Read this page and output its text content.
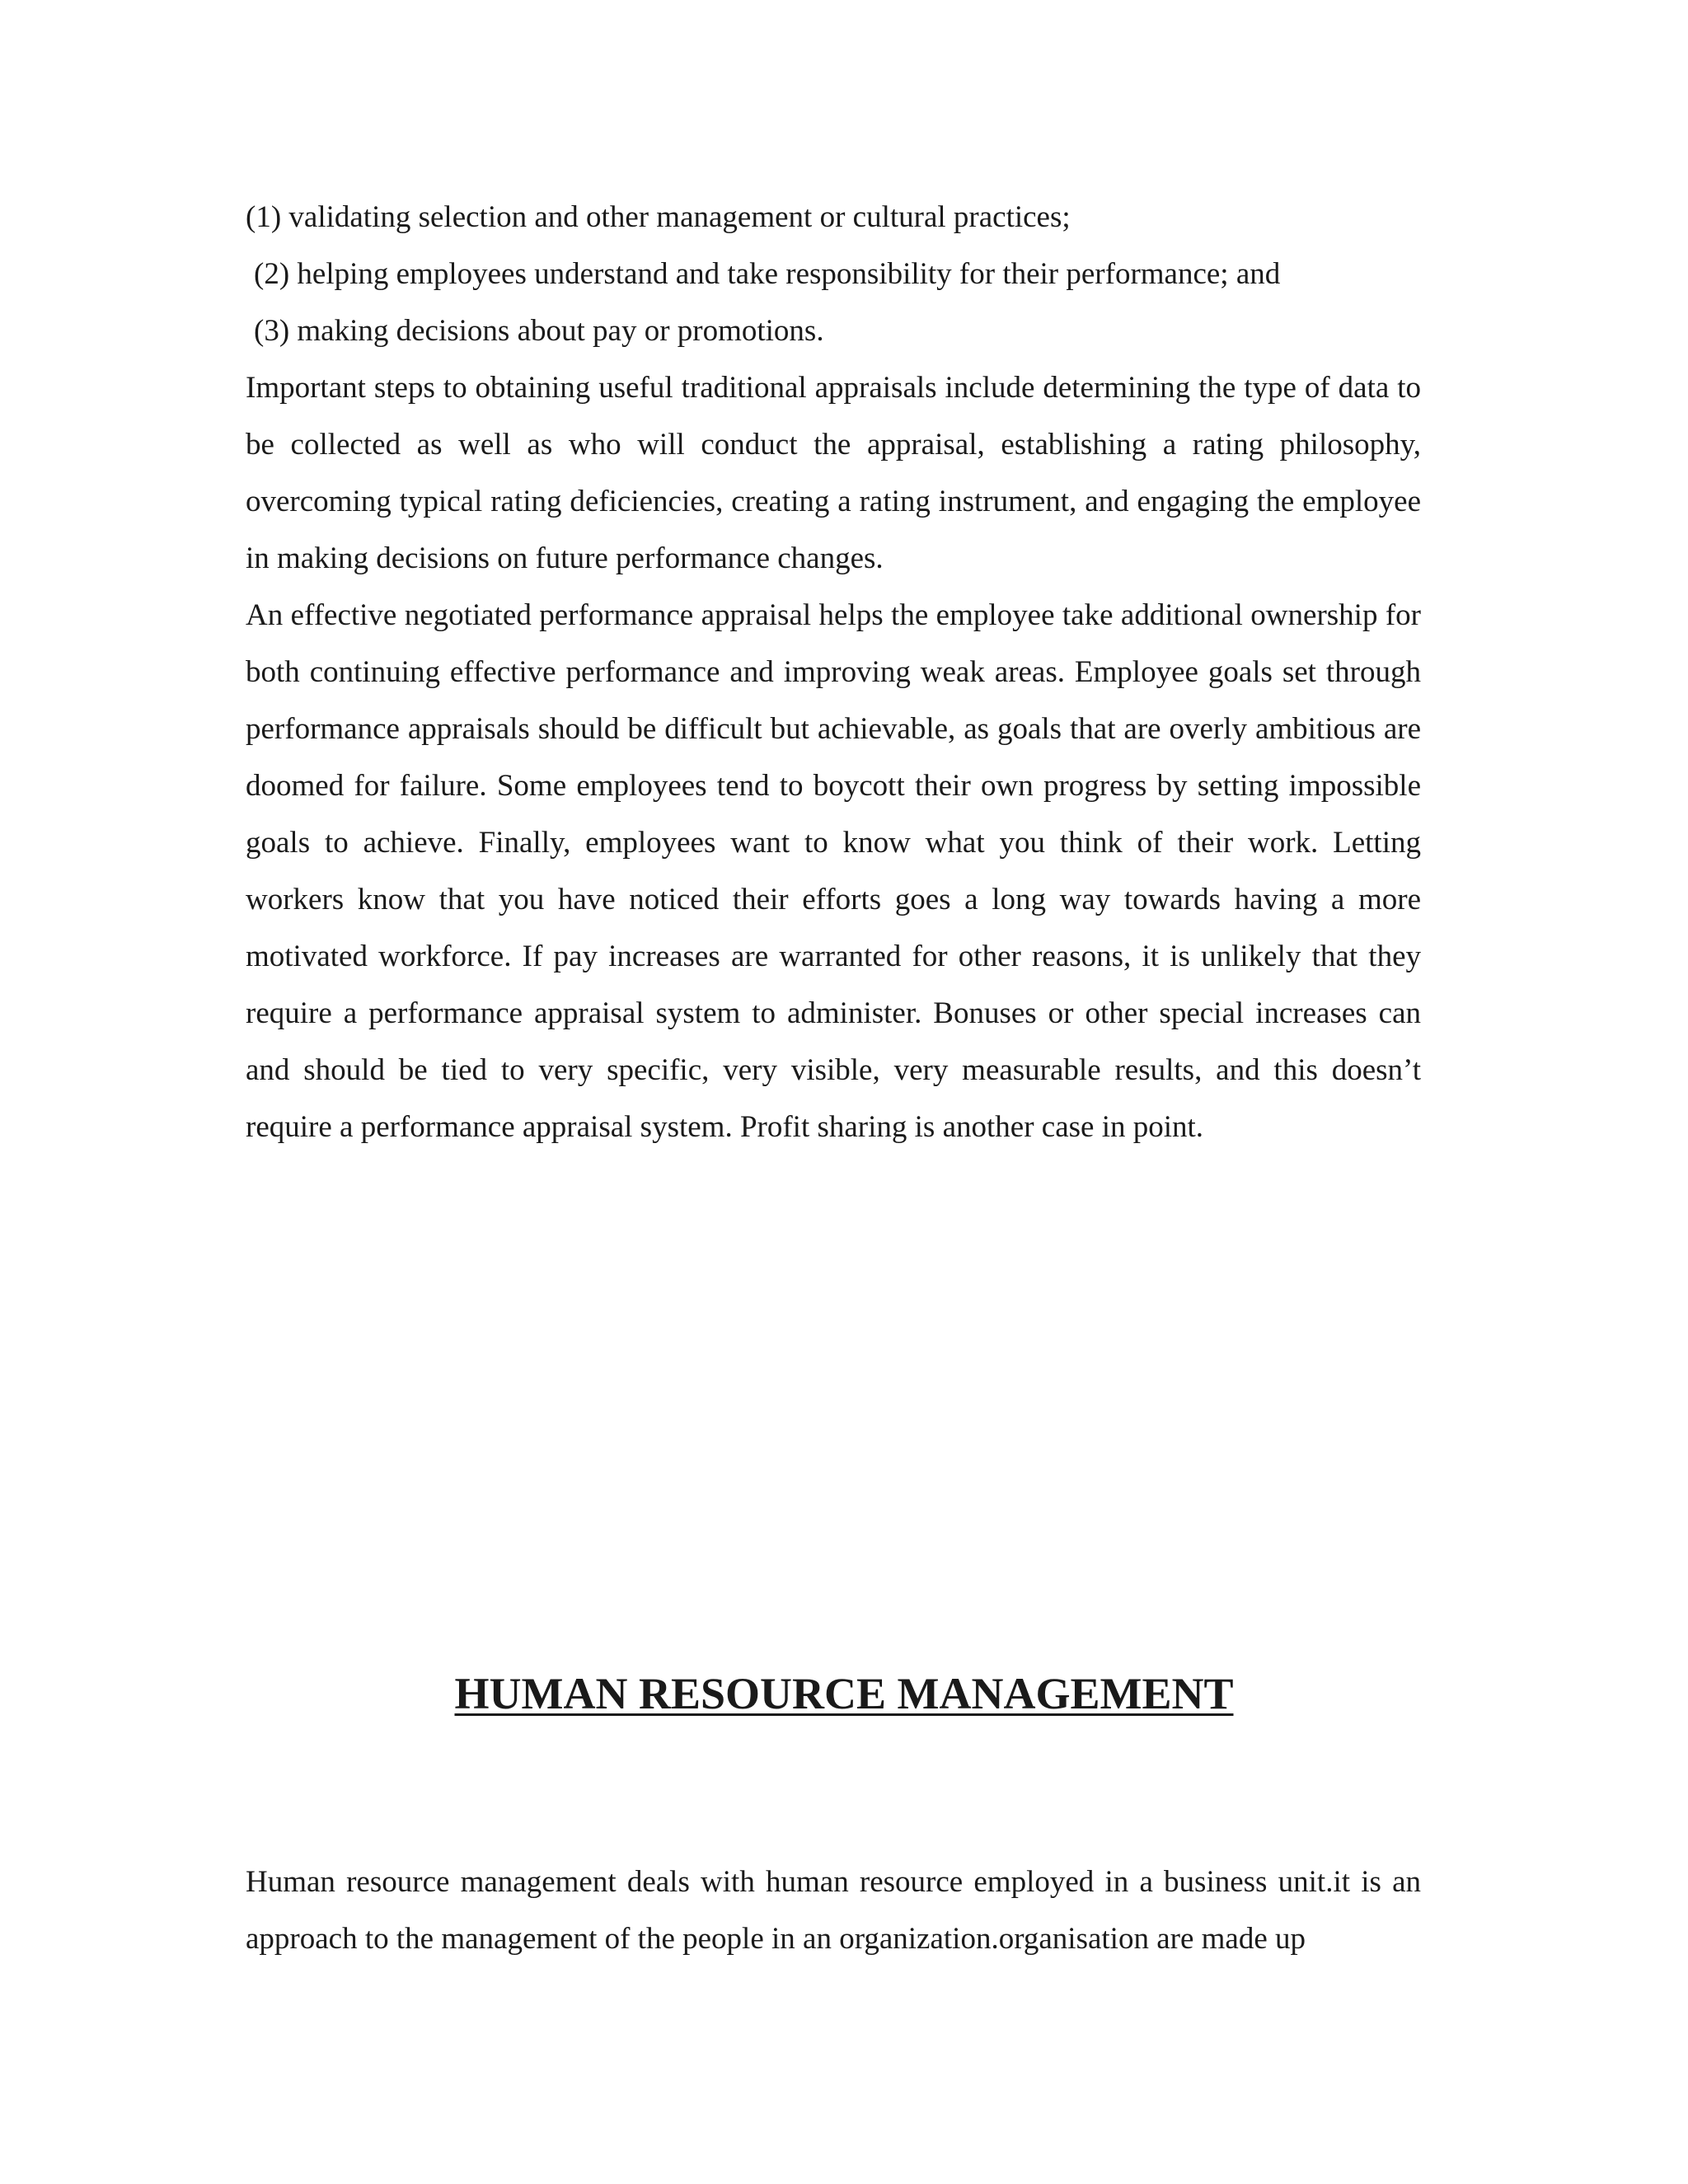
(1) validating selection and other management or cultural practices;
(2) helping employees understand and take responsibility for their performance; and
(3) making decisions about pay or promotions.
Important steps to obtaining useful traditional appraisals include determining the type of data to be collected as well as who will conduct the appraisal, establishing a rating philosophy, overcoming typical rating deficiencies, creating a rating instrument, and engaging the employee in making decisions on future performance changes.
An effective negotiated performance appraisal helps the employee take additional ownership for both continuing effective performance and improving weak areas. Employee goals set through performance appraisals should be difficult but achievable, as goals that are overly ambitious are doomed for failure. Some employees tend to boycott their own progress by setting impossible goals to achieve. Finally, employees want to know what you think of their work. Letting workers know that you have noticed their efforts goes a long way towards having a more motivated workforce. If pay increases are warranted for other reasons, it is unlikely that they require a performance appraisal system to administer. Bonuses or other special increases can and should be tied to very specific, very visible, very measurable results, and this doesn’t require a performance appraisal system. Profit sharing is another case in point.
HUMAN RESOURCE MANAGEMENT
Human resource management deals with human resource employed in a business unit.it is an approach to the management of the people in an organization.organisation are made up
